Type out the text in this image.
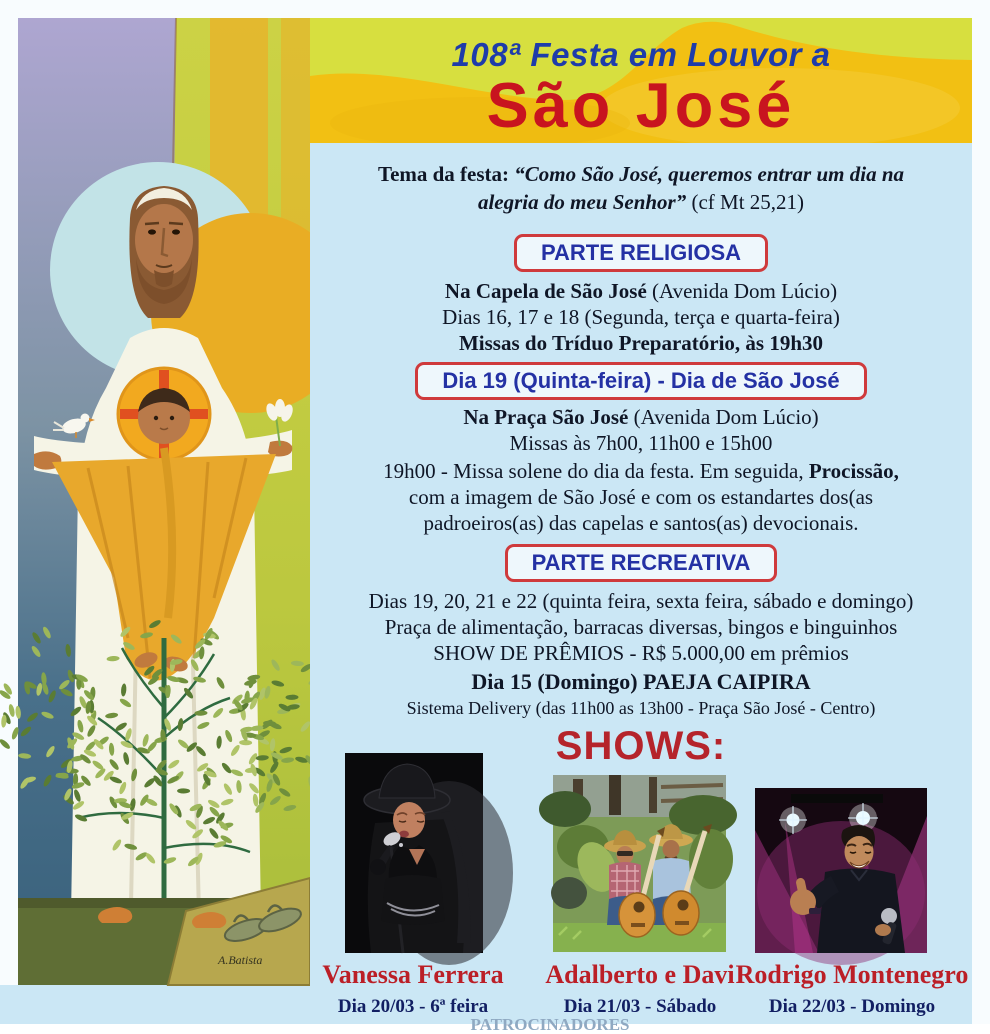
A.Batista
108ª Festa em Louvor a
São José
Tema da festa: “Como São José, queremos entrar um dia na
alegria do meu Senhor” (cf Mt 25,21)
PARTE RELIGIOSA
Na Capela de São José (Avenida Dom Lúcio)
Dias 16, 17 e 18 (Segunda, terça e quarta-feira)
Missas do Tríduo Preparatório, às 19h30
Dia 19 (Quinta-feira) - Dia de São José
Na Praça São José (Avenida Dom Lúcio)
Missas às 7h00, 11h00 e 15h00
19h00 - Missa solene do dia da festa. Em seguida, Procissão,
com a imagem de São José e com os estandartes dos(as
padroeiros(as) das capelas e santos(as) devocionais.
PARTE RECREATIVA
Dias 19, 20, 21 e 22 (quinta feira, sexta feira, sábado e domingo)
Praça de alimentação, barracas diversas, bingos e binguinhos
SHOW DE PRÊMIOS - R$ 5.000,00 em prêmios
Dia 15 (Domingo) PAEJA CAIPIRA
Sistema Delivery (das 11h00 as 13h00 - Praça São José - Centro)
SHOWS:
Vanessa Ferrera
Dia 20/03 - 6ª feira
Adalberto e Davi
Dia 21/03 - Sábado
Rodrigo Montenegro
Dia 22/03 - Domingo
PATROCINADORES
